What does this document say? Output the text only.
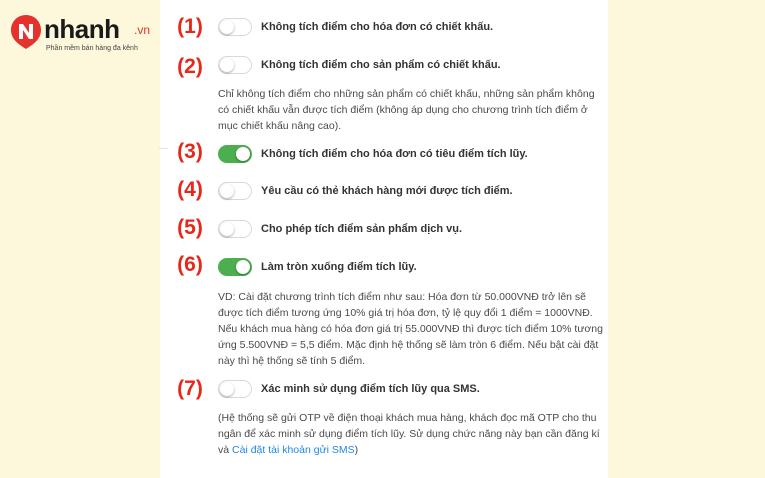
nhanh .vn
Phần mềm bán hàng đa kênh
(1)	Không tích điểm cho hóa đơn có chiết khấu.
(2)	Không tích điểm cho sản phẩm có chiết khấu.
Chỉ không tích điểm cho những sản phẩm có chiết khấu, những sản phẩm không có chiết khấu vẫn được tích điểm (không áp dụng cho chương trình tích điểm ở mục chiết khấu nâng cao).
(3)	Không tích điểm cho hóa đơn có tiêu điểm tích lũy.
(4)	Yêu cầu có thẻ khách hàng mới được tích điểm.
(5)	Cho phép tích điểm sản phẩm dịch vụ.
(6)	Làm tròn xuống điểm tích lũy.
VD: Cài đặt chương trình tích điểm như sau: Hóa đơn từ 50.000VNĐ trở lên sẽ được tích điểm tương ứng 10% giá trị hóa đơn, tỷ lệ quy đổi 1 điểm = 1000VNĐ. Nếu khách mua hàng có hóa đơn giá trị 55.000VNĐ thì được tích điểm 10% tương ứng 5.500VNĐ = 5,5 điểm. Mặc định hệ thống sẽ làm tròn 6 điểm. Nếu bật cài đặt này thì hệ thống sẽ tính 5 điểm.
(7)	Xác minh sử dụng điểm tích lũy qua SMS.
(Hệ thống sẽ gửi OTP về điện thoại khách mua hàng, khách đọc mã OTP cho thu ngân để xác minh sử dụng điểm tích lũy. Sử dụng chức năng này bạn cần đăng kí và Cài đặt tài khoản gửi SMS)
